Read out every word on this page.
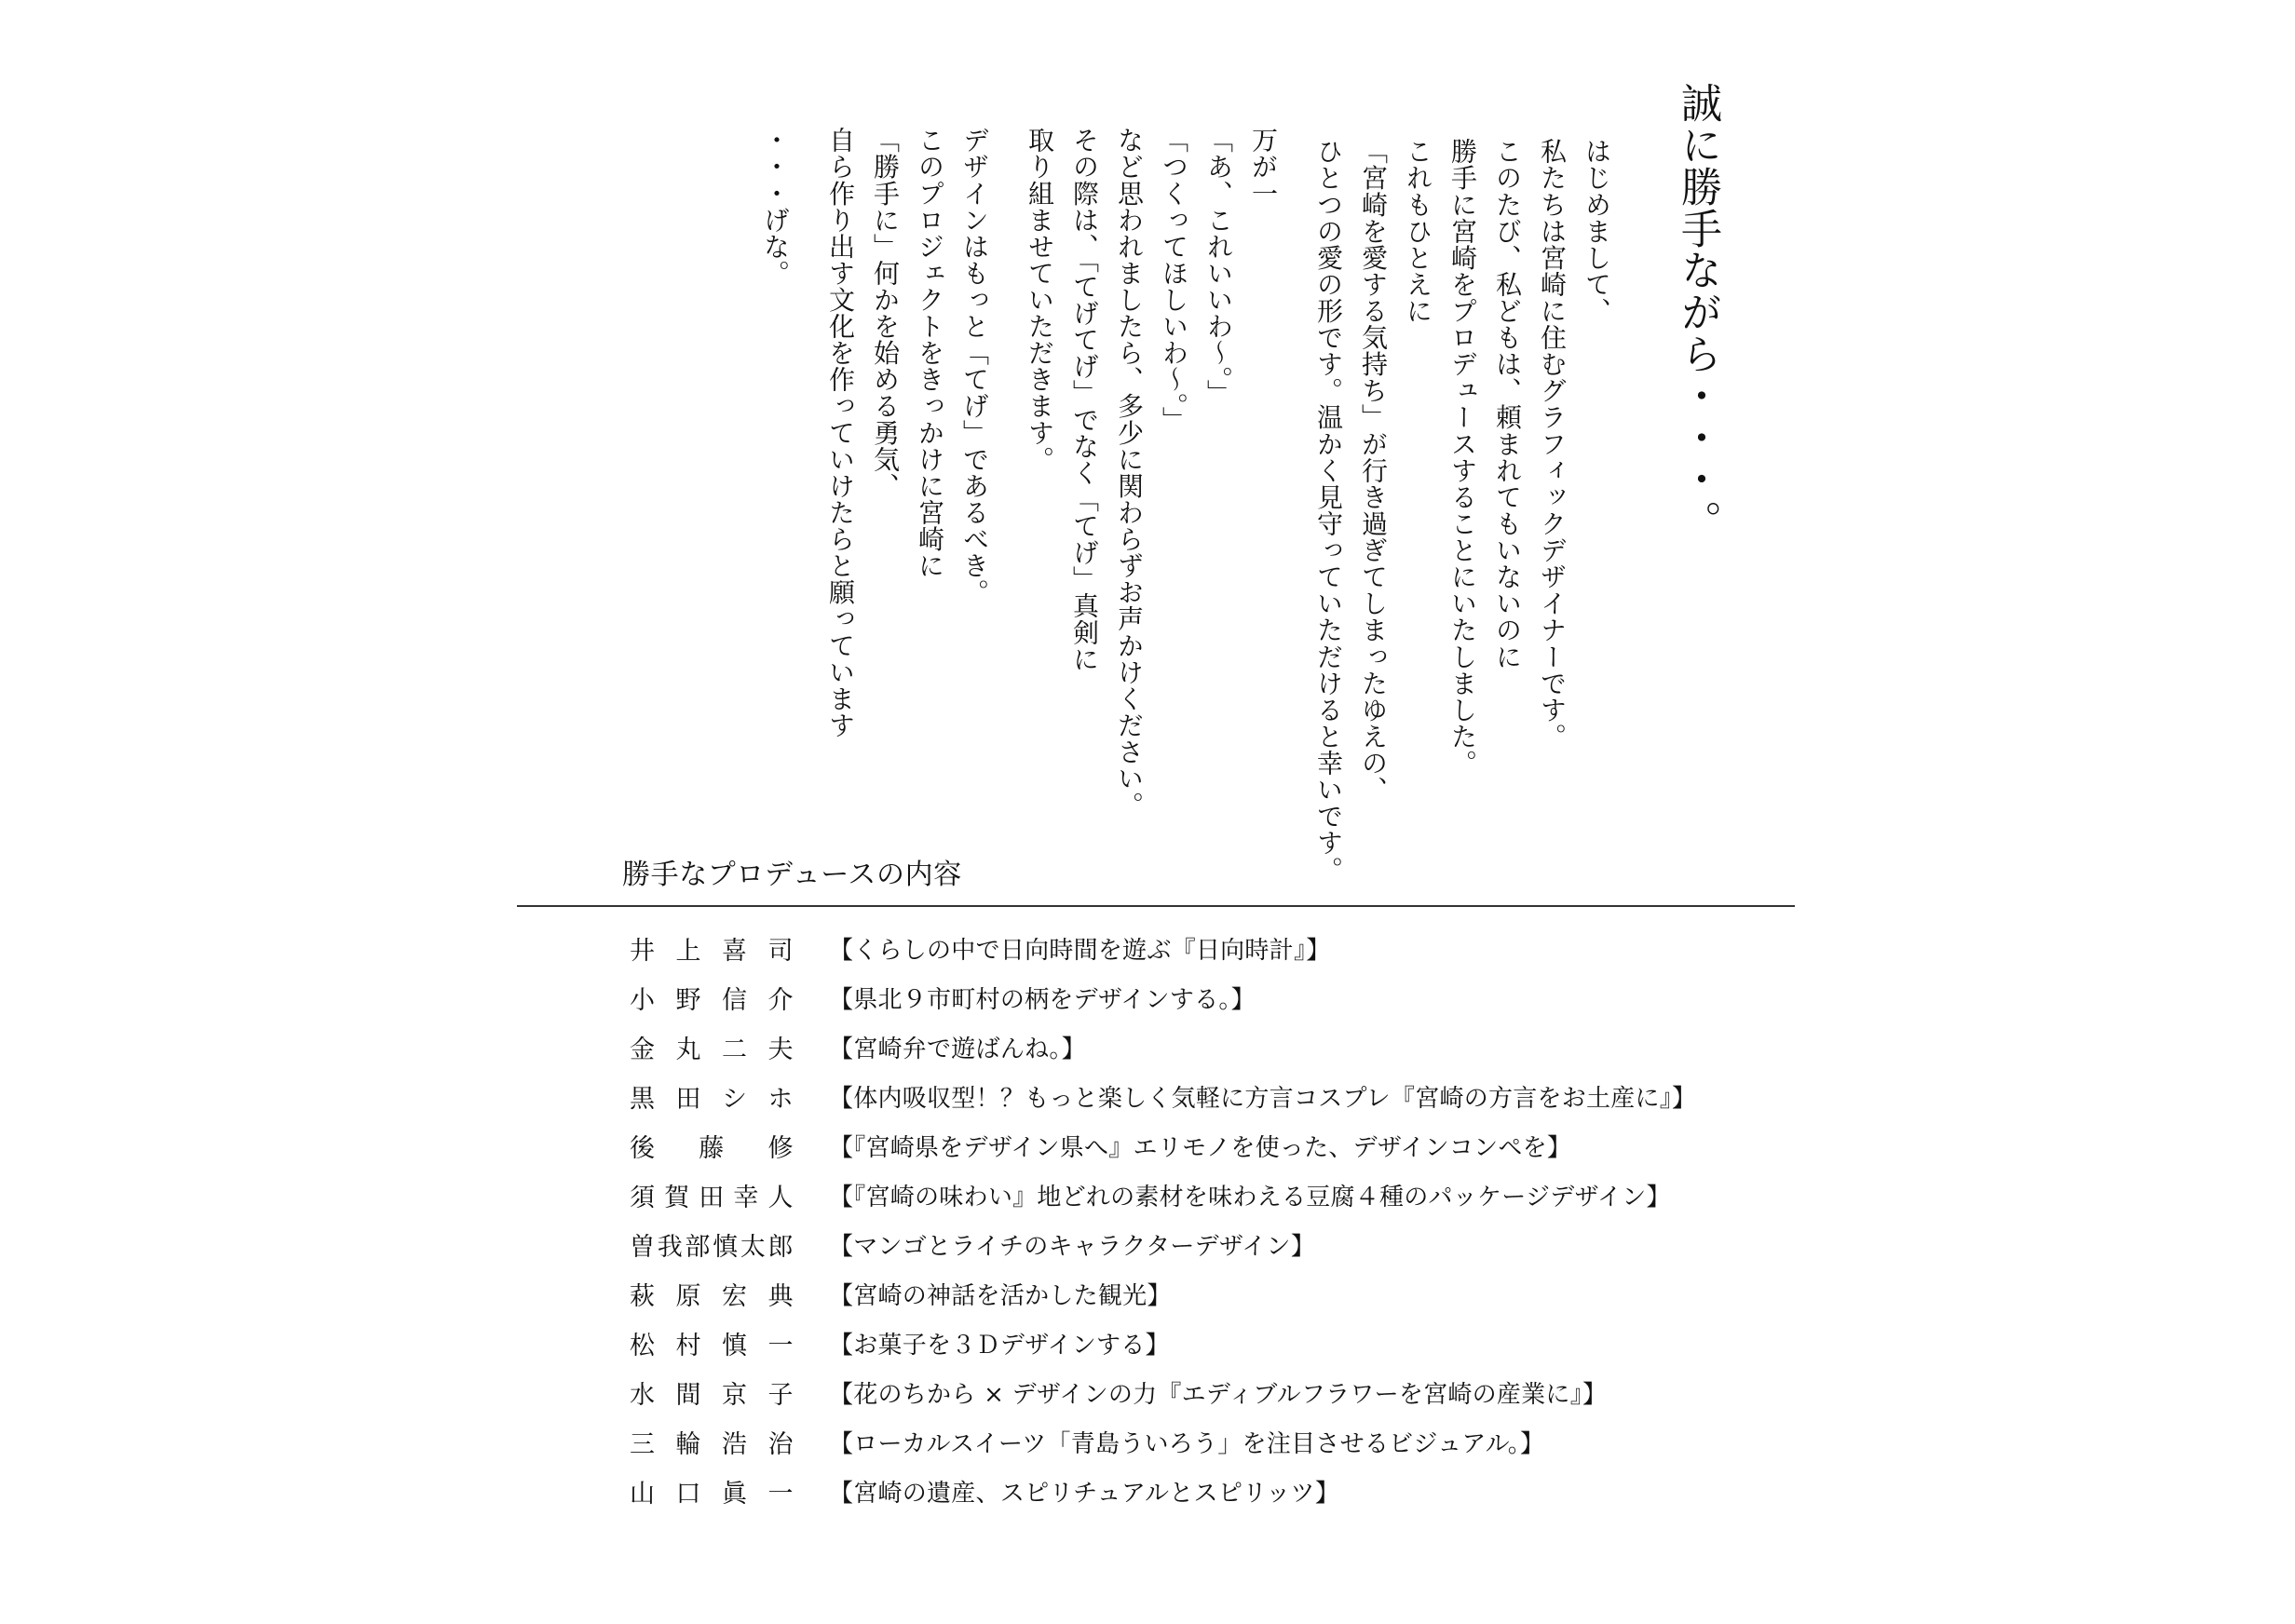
誠に勝手ながら・・・。
はじめまして、
私たちは宮崎に住むグラフィックデザイナーです。
このたび、私どもは、頼まれてもいないのに
勝手に宮崎をプロデュースすることにいたしました。
これもひとえに
「宮崎を愛する気持ち」が行き過ぎてしまったゆえの、
ひとつの愛の形です。温かく見守っていただけると幸いです。
万が一
「あ、これいいわ〜。」
「つくってほしいわ〜。」
など思われましたら、多少に関わらずお声かけください。
その際は、「てげてげ」でなく「てげ」真剣に
取り組ませていただきます。
デザインはもっと「てげ」であるべき。
このプロジェクトをきっかけに宮崎に
「勝手に」何かを始める勇気、
自ら作り出す文化を作っていけたらと願っています
・・・げな。
勝手なプロデュースの内容
井 上 喜 司 【くらしの中で日向時間を遊ぶ『日向時計』】
小 野 信 介 【県北９市町村の柄をデザインする。】
金 丸 二 夫 【宮崎弁で遊ばんね。】
黒 田 シ ホ 【体内吸収型！？もっと楽しく気軽に方言コスプレ『宮崎の方言をお土産に』】
後 藤 修 【『宮崎県をデザイン県へ』エリモノを使った、デザインコンペを】
須 賀 田 幸 人 【『宮崎の味わい』地どれの素材を味わえる豆腐４種のパッケージデザイン】
曽 我 部 慎 太 郎 【マンゴとライチのキャラクターデザイン】
萩 原 宏 典 【宮崎の神話を活かした観光】
松 村 慎 一 【お菓子を３Ｄデザインする】
水 間 京 子 【花のちから × デザインの力『エディブルフラワーを宮崎の産業に』】
三 輪 浩 治 【ローカルスイーツ「青島ういろう」を注目させるビジュアル。】
山 口 眞 一 【宮崎の遺産、スピリチュアルとスピリッツ】
